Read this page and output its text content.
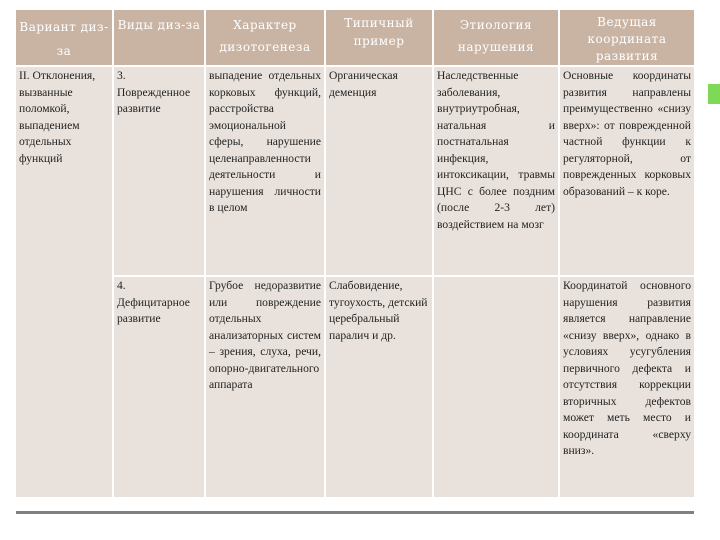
Вариант диз-за
Виды диз-за	Характер дизотогенеза
Типичный пример
Этиология нарушения
Ведущая координата развития
II. Отклонения, вызванные поломкой, выпадением отдельных функций
3. Поврежденное развитие
выпадение отдельных корковых функций, расстройства эмоциональной сферы, нарушение целенаправленности деятельности и нарушения личности в целом
Органическая деменция
Наследственные заболевания, внутриутробная, натальная и постнатальная инфекция, интоксикации, травмы ЦНС с более поздним (после 2-3 лет) воздействием на мозг
Основные координаты развития направлены преимущественно «снизу вверх»: от поврежденной частной функции к регуляторной, от поврежденных корковых образований – к коре.
4. Дефицитарное развитие
Грубое недоразвитие или повреждение отдельных анализаторных систем – зрения, слуха, речи, опорно-двигательного аппарата
Слабовидение, тугоухость, детский церебральный паралич и др.
Координатой основного нарушения развития является направление «снизу вверх», однако в условиях усугубления первичного дефекта и отсутствия коррекции вторичных дефектов может меть место и координата «сверху вниз».
